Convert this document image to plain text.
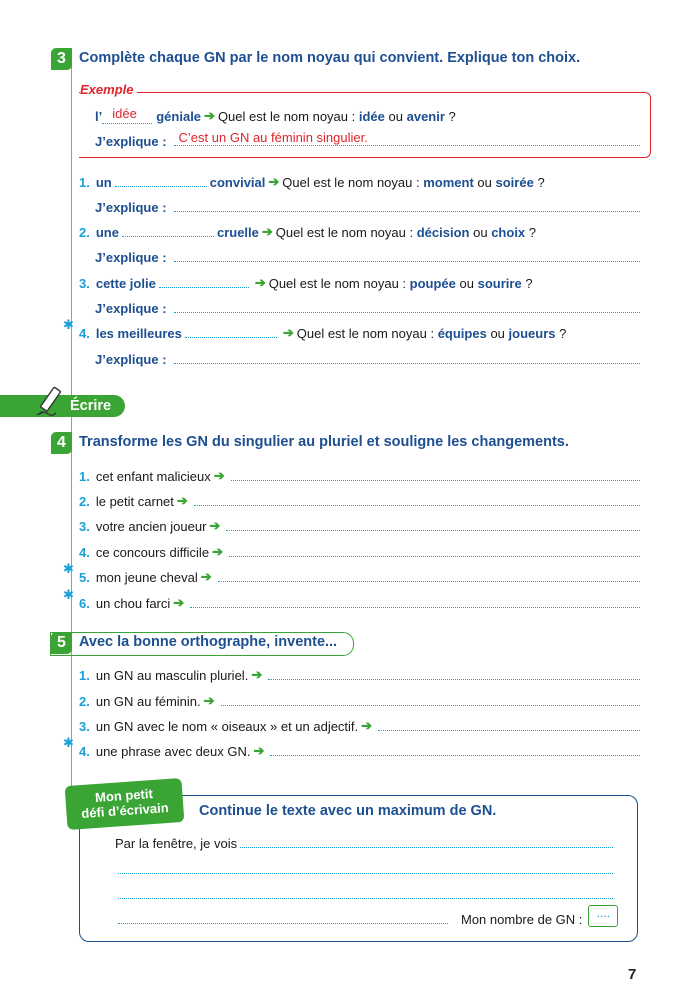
3 Complète chaque GN par le nom noyau qui convient. Explique ton choix.
Exemple
l’ idée géniale ➔ Quel est le nom noyau :
idée
ou
avenir
?
J’explique : C’est un GN au féminin singulier.
1. un	convivial ➔ Quel est le nom noyau :
moment
ou
soirée
?
J’explique :
2. une	cruelle ➔ Quel est le nom noyau :
décision
ou
choix
?
J’explique :
3. cette jolie	➔ Quel est le nom noyau :
poupée
ou
sourire
?
J’explique :
✱
4. les meilleures	➔ Quel est le nom noyau :
équipes
ou
joueurs
?
J’explique :
Écrire
4 Transforme les GN du singulier au pluriel et souligne les changements.
1. cet enfant malicieux ➔
2. le petit carnet ➔
3. votre ancien joueur ➔
4. ce concours difficile ➔
✱
5. mon jeune cheval ➔
✱
6. un chou farci ➔
5 Avec la bonne orthographe, invente...
1. un GN au masculin pluriel. ➔
2. un GN au féminin. ➔
3. un GN avec le nom « oiseaux » et un adjectif. ➔
✱
4. une phrase avec deux GN. ➔
Mon petit
défi d’écrivain	Continue le texte avec un maximum de GN.
Par la fenêtre, je vois
Mon nombre de GN :	....
7
